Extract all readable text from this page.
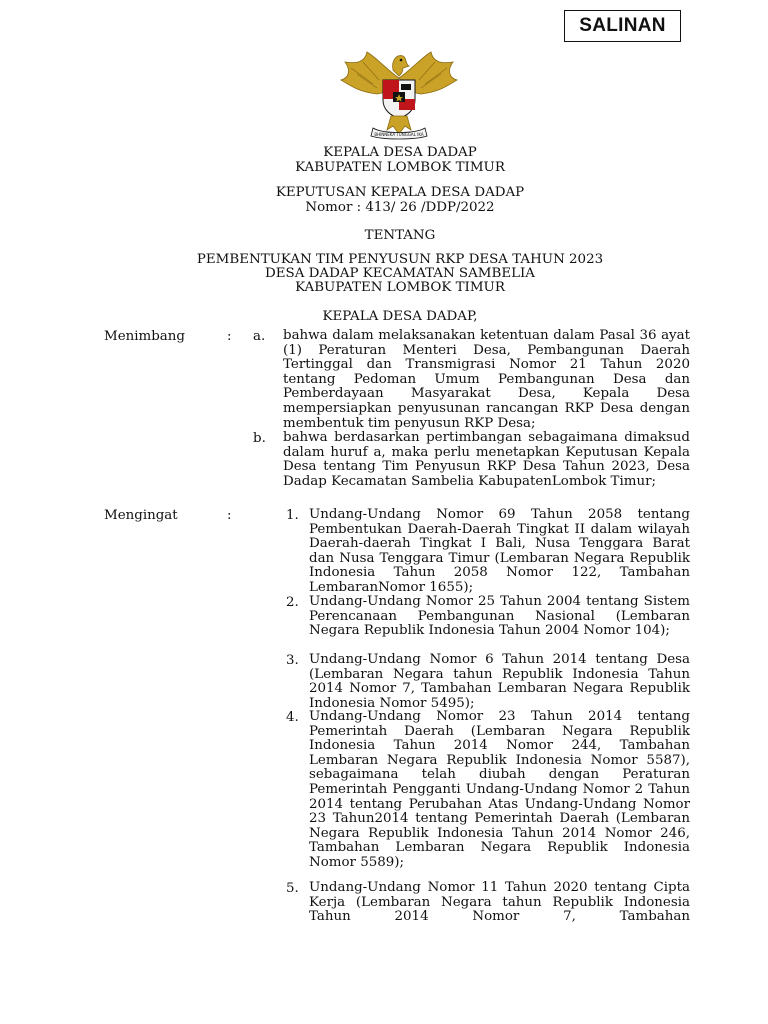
SALINAN
BHINNEKA TUNGGAL IKA
KEPALA DESA DADAP
KABUPATEN LOMBOK TIMUR
KEPUTUSAN KEPALA DESA DADAP
Nomor : 413/ 26 /DDP/2022
TENTANG
PEMBENTUKAN TIM PENYUSUN RKP DESA TAHUN 2023
DESA DADAP KECAMATAN SAMBELIA
KABUPATEN LOMBOK TIMUR
KEPALA DESA DADAP,
Menimbang	: a. bahwa dalam melaksanakan ketentuan dalam Pasal 36 ayat (1) Peraturan Menteri Desa, Pembangunan Daerah Tertinggal dan Transmigrasi Nomor 21 Tahun 2020 tentang Pedoman Umum Pembangunan Desa dan Pemberdayaan Masyarakat Desa, Kepala Desa mempersiapkan penyusunan rancangan RKP Desa dengan membentuk tim penyusun RKP Desa;
b. bahwa berdasarkan pertimbangan sebagaimana dimaksud dalam huruf a, maka perlu menetapkan Keputusan Kepala Desa tentang Tim Penyusun RKP Desa Tahun 2023, Desa Dadap Kecamatan Sambelia KabupatenLombok Timur;
Mengingat	:	1. Undang-Undang Nomor 69 Tahun 2058 tentang Pembentukan Daerah-Daerah Tingkat II dalam wilayah Daerah-daerah Tingkat I Bali, Nusa Tenggara Barat dan Nusa Tenggara Timur (Lembaran Negara Republik Indonesia Tahun 2058 Nomor 122, Tambahan LembaranNomor 1655);
2. Undang-Undang Nomor 25 Tahun 2004 tentang Sistem Perencanaan Pembangunan Nasional (Lembaran Negara Republik Indonesia Tahun 2004 Nomor 104);
3. Undang-Undang Nomor 6 Tahun 2014 tentang Desa (Lembaran Negara tahun Republik Indonesia Tahun 2014 Nomor 7, Tambahan Lembaran Negara Republik Indonesia Nomor 5495);
4. Undang-Undang Nomor 23 Tahun 2014 tentang Pemerintah Daerah (Lembaran Negara Republik Indonesia Tahun 2014 Nomor 244, Tambahan Lembaran Negara Republik Indonesia Nomor 5587), sebagaimana telah diubah dengan Peraturan Pemerintah Pengganti Undang-Undang Nomor 2 Tahun 2014 tentang Perubahan Atas Undang-Undang Nomor 23 Tahun2014 tentang Pemerintah Daerah (Lembaran Negara Republik Indonesia Tahun 2014 Nomor 246, Tambahan Lembaran Negara Republik Indonesia Nomor 5589);
5. Undang-Undang Nomor 11 Tahun 2020 tentang Cipta Kerja (Lembaran Negara tahun Republik Indonesia Tahun 2014 Nomor 7, Tambahan
